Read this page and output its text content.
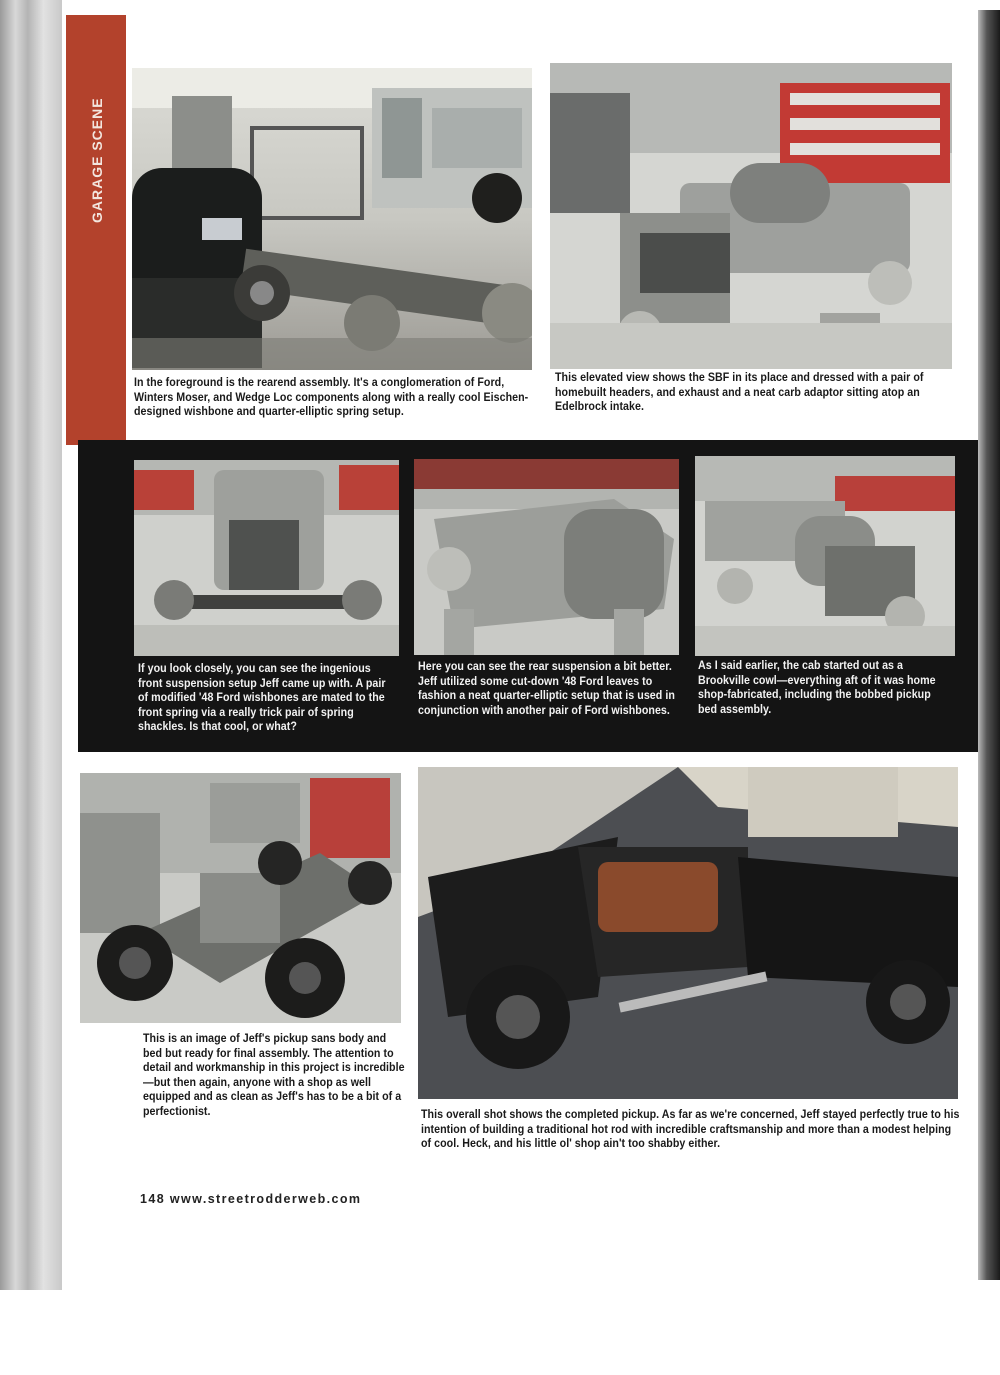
GARAGE SCENE
In the foreground is the rearend assembly. It's a conglomeration of Ford, Winters Moser, and Wedge Loc components along with a really cool Eischen-designed wishbone and quarter-elliptic spring setup.
This elevated view shows the SBF in its place and dressed with a pair of homebuilt headers, and exhaust and a neat carb adaptor sitting atop an Edelbrock intake.
If you look closely, you can see the ingenious front suspension setup Jeff came up with. A pair of modified '48 Ford wishbones are mated to the front spring via a really trick pair of spring shackles. Is that cool, or what?
Here you can see the rear suspension a bit better. Jeff utilized some cut-down '48 Ford leaves to fashion a neat quarter-elliptic setup that is used in conjunction with another pair of Ford wishbones.
As I said earlier, the cab started out as a Brookville cowl—everything aft of it was home shop-fabricated, including the bobbed pickup bed assembly.
This is an image of Jeff's pickup sans body and bed but ready for final assembly. The attention to detail and workmanship in this project is incredible—but then again, anyone with a shop as well equipped and as clean as Jeff's has to be a bit of a perfectionist.	This overall shot shows the completed pickup. As far as we're concerned, Jeff stayed perfectly true to his intention of building a traditional hot rod with incredible craftsmanship and more than a modest helping of cool. Heck, and his little ol' shop ain't too shabby either.
148 www.streetrodderweb.com
